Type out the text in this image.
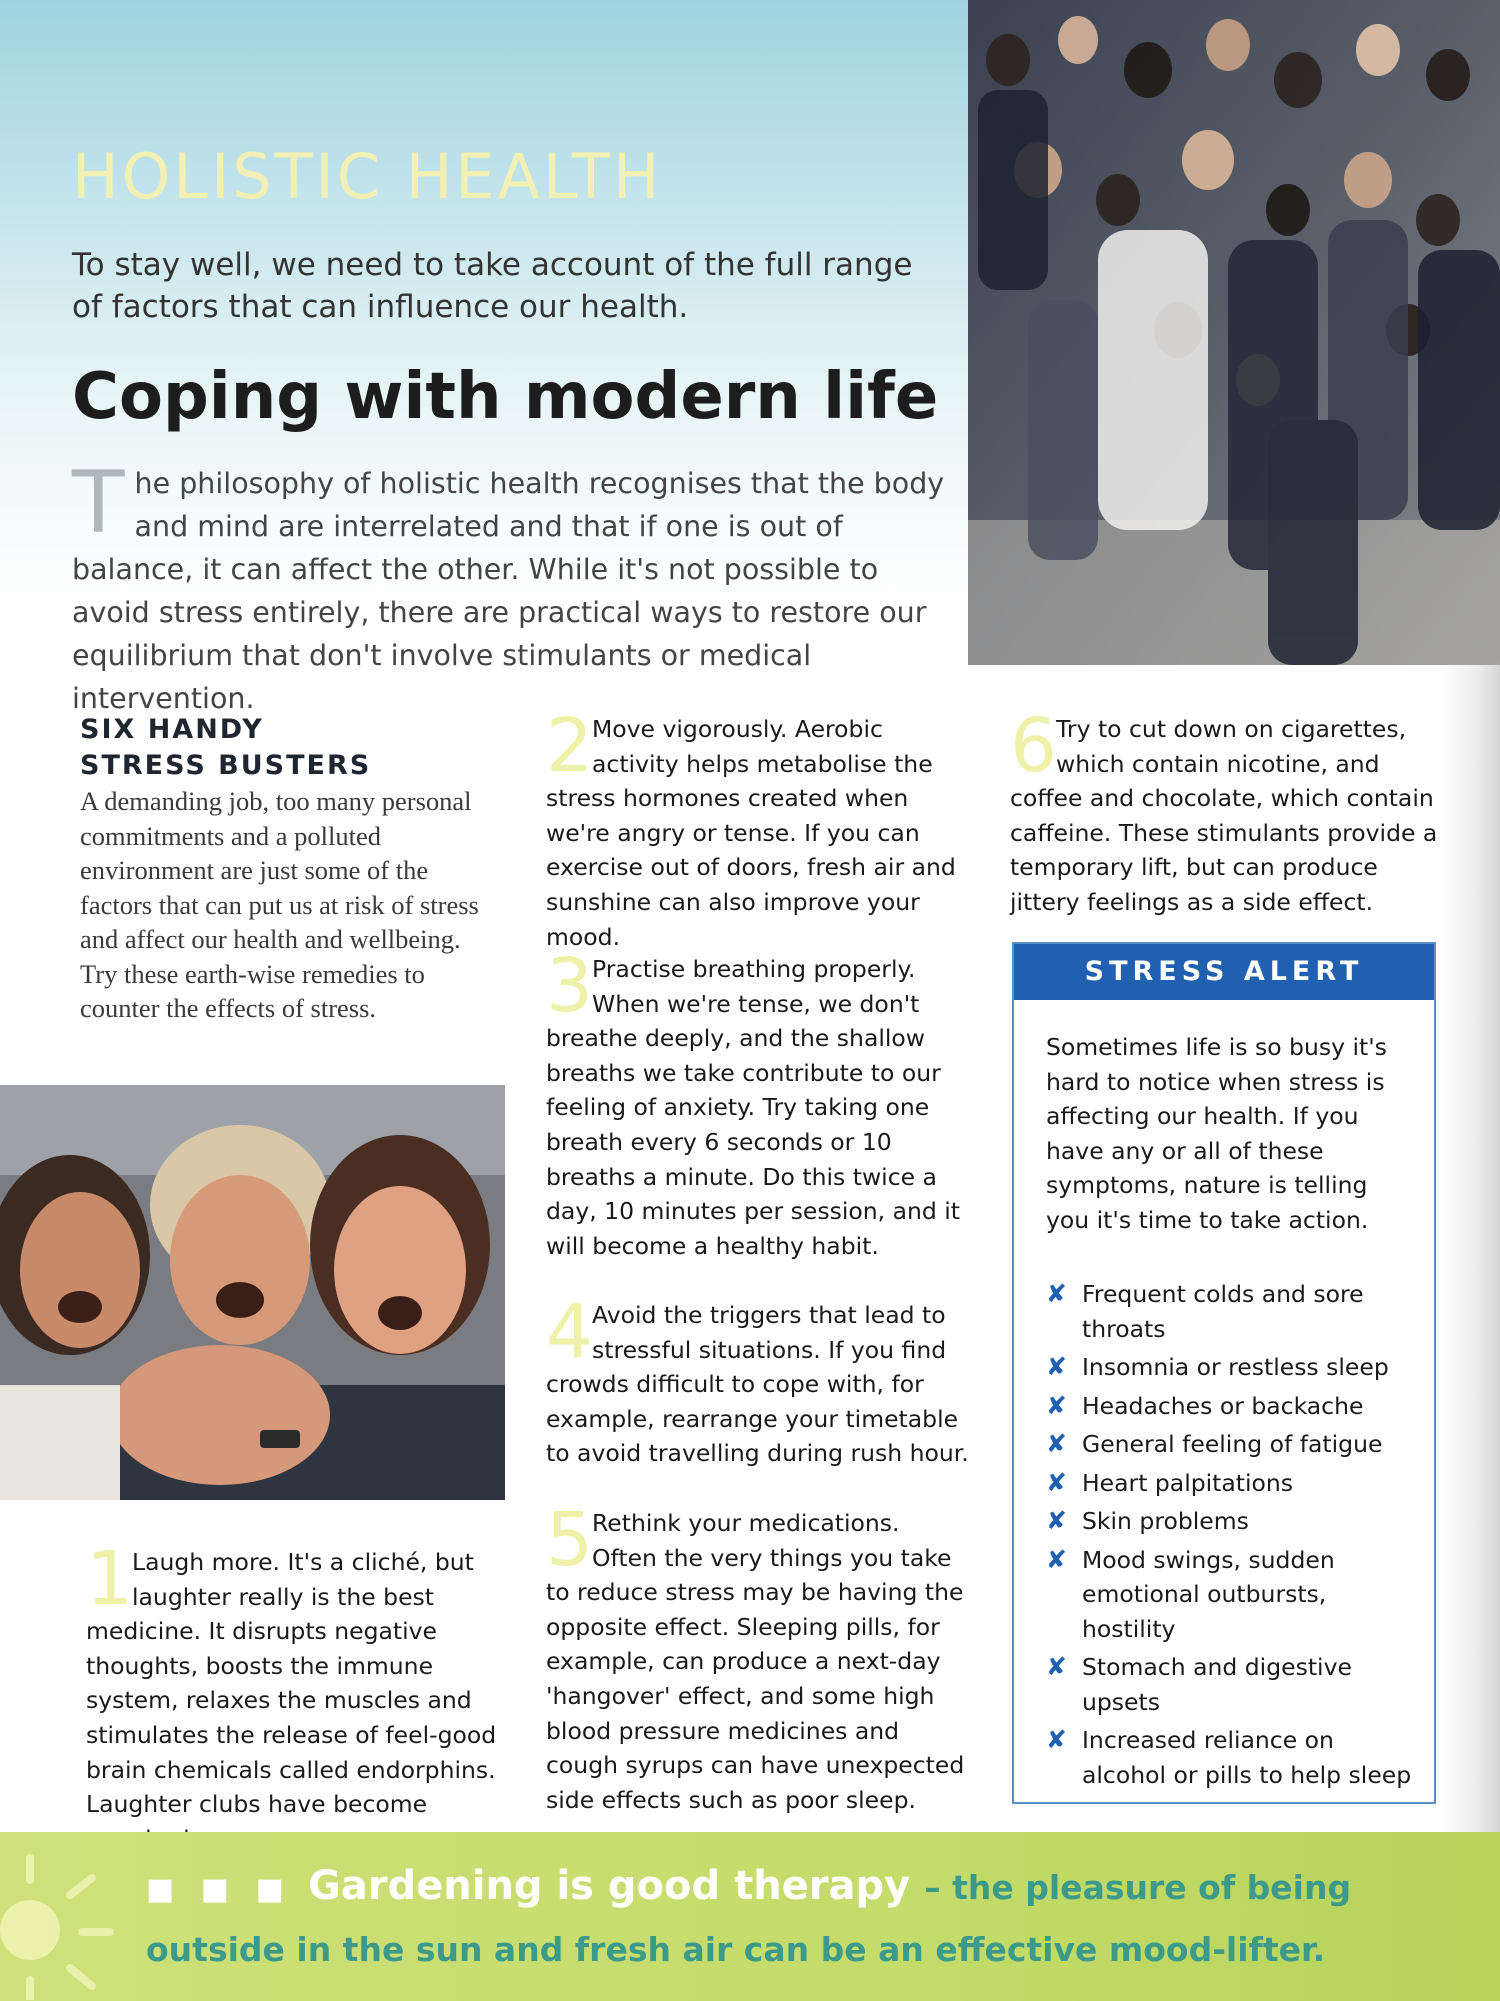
HOLISTIC HEALTH

To stay well, we need to take account of the full range of factors that can influence our health.

Coping with modern life

The philosophy of holistic health recognises that the body and mind are interrelated and that if one is out of balance, it can affect the other. While it's not possible to avoid stress entirely, there are practical ways to restore our equilibrium that don't involve stimulants or medical intervention.

SIX HANDY
STRESS BUSTERS

A demanding job, too many personal commitments and a polluted environment are just some of the factors that can put us at risk of stress and affect our health and wellbeing. Try these earth-wise remedies to counter the effects of stress.

1
Laugh more. It's a cliché, but laughter really is the best medicine. It disrupts negative thoughts, boosts the immune system, relaxes the muscles and stimulates the release of feel-good brain chemicals called endorphins. Laughter clubs have become
2
Move vigorously. Aerobic activity helps metabolise the stress hormones created when we're angry or tense. If you can exercise out of doors, fresh air and sunshine can also improve your mood.
3
Practise breathing properly. When we're tense, we don't breathe deeply, and the shallow breaths we take contribute to our feeling of anxiety. Try taking one breath every 6 seconds or 10 breaths a minute. Do this twice a day, 10 minutes per session, and it will become a healthy habit.
4
Avoid the triggers that lead to stressful situations. If you find crowds difficult to cope with, for example, rearrange your timetable to avoid travelling during rush hour.
5
Rethink your medications. Often the very things you take to reduce stress may be having the opposite effect. Sleeping pills, for example, can produce a next-day 'hangover' effect, and some high blood pressure medicines and cough syrups can have unexpected side effects such as poor sleep.
6
Try to cut down on cigarettes, which contain nicotine, and coffee and chocolate, which contain caffeine. These stimulants provide a temporary lift, but can produce jittery feelings as a side effect.
STRESS ALERT

Sometimes life is so busy it's hard to notice when stress is affecting our health. If you have any or all of these symptoms, nature is telling you it's time to take action.

✘ Frequent colds and sore throats
✘ Insomnia or restless sleep
✘ Headaches or backache
✘ General feeling of fatigue
✘ Heart palpitations
✘ Skin problems
✘ Mood swings, sudden emotional outbursts, hostility
✘ Stomach and digestive upsets
✘ Increased reliance on alcohol or pills to help sleep
■ ■ ■ Gardening is good therapy – the pleasure of being
outside in the sun and fresh air can be an effective mood-lifter.
